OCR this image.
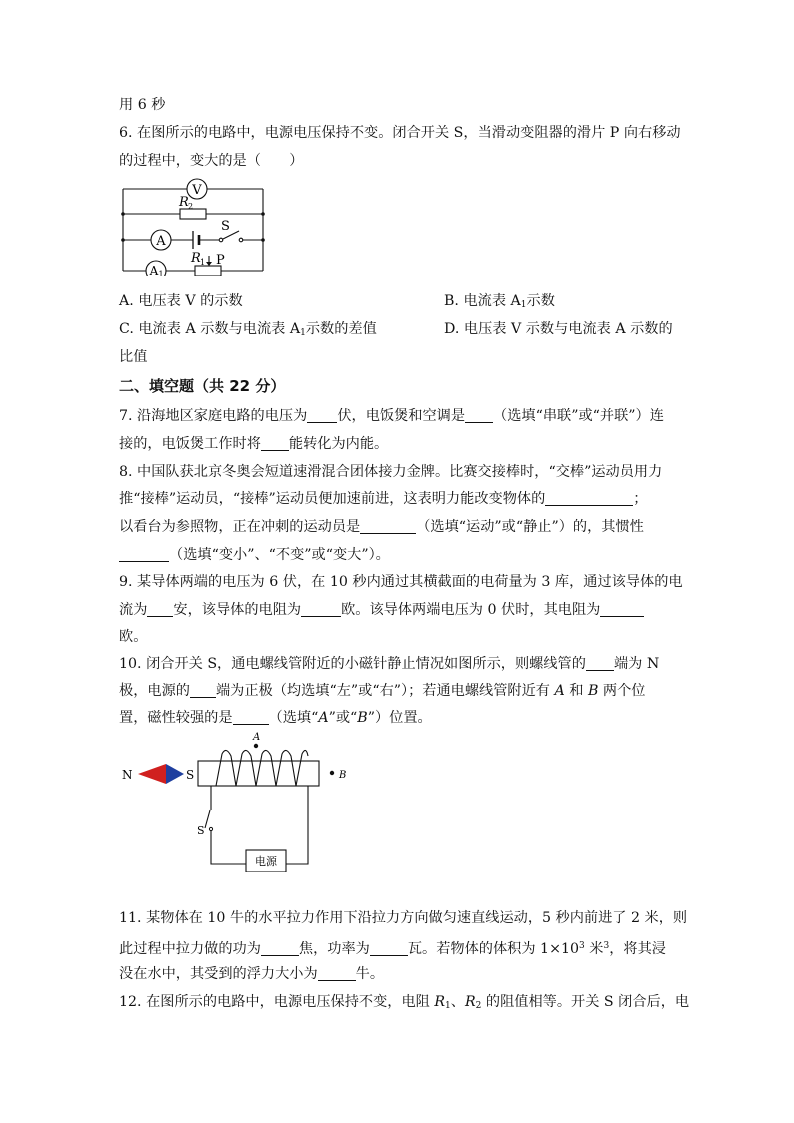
用 6 秒
6. 在图所示的电路中，电源电压保持不变。闭合开关 S，当滑动变阻器的滑片 P 向右移动
的过程中，变大的是（　　）
V
A
A 1
R 2
S
R 1 P
A. 电压表 V 的示数	B. 电流表 $A_1$示数
C. 电流表 A 示数与电流表 $A_1$示数的差值	D. 电压表 V 示数与电流表 A 示数的
比值
二、填空题（共 22 分）
7. 沿海地区家庭电路的电压为 伏，电饭煲和空调是 （选填“串联”或“并联”）连
接的，电饭煲工作时将 能转化为内能。
8. 中国队获北京冬奥会短道速滑混合团体接力金牌。比赛交接棒时，“交棒”运动员用力
推“接棒”运动员，“接棒”运动员便加速前进，这表明力能改变物体的	；
以看台为参照物，正在冲刺的运动员是	（选填“运动”或“静止”）的，其惯性
（选填“变小”、“不变”或“变大”）。
9. 某导体两端的电压为 6 伏，在 10 秒内通过其横截面的电荷量为 3 库，通过该导体的电
流为 安，该导体的电阻为	欧。该导体两端电压为 0 伏时，其电阻为
欧。
10. 闭合开关 S，通电螺线管附近的小磁针静止情况如图所示，则螺线管的 端为 N
极，电源的 端为正极（均选填“左”或“右”）；若通电螺线管附近有 A 和 B 两个位
置，磁性较强的是	（选填“A”或“B”）位置。
N	S
A
B
S
电源
11. 某物体在 10 牛的水平拉力作用下沿拉力方向做匀速直线运动，5 秒内前进了 2 米，则
此过程中拉力做的功为	焦，功率为	瓦。若物体的体积为 $1\times 10^3$ 米$^3$，将其浸
没在水中，其受到的浮力大小为	牛。
12. 在图所示的电路中，电源电压保持不变，电阻 $R_1$、$R_2$ 的阻值相等。开关 S 闭合后，电
